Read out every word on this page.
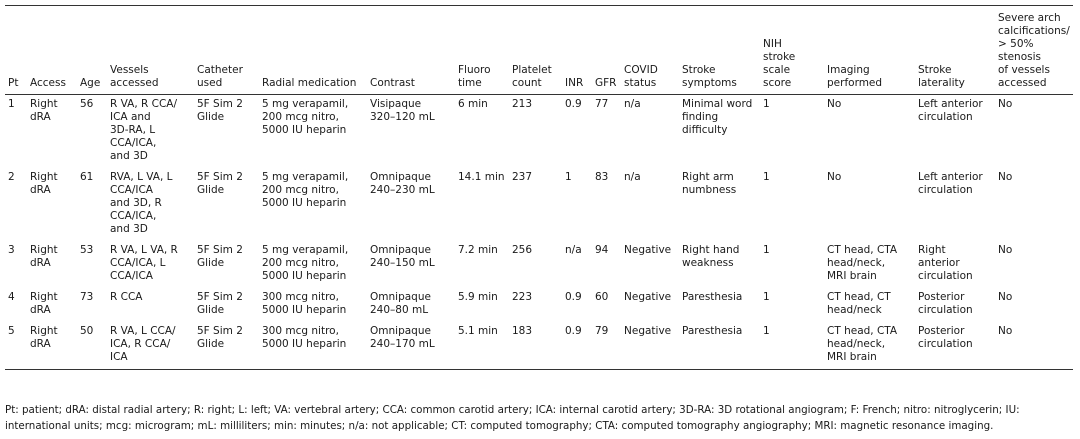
Pt	Access	Age	Vessels
accessed	Catheter
used	Radial medication	Contrast	Fluoro
time	Platelet
count	INR	GFR	COVID
status	Stroke
symptoms	NIH
stroke
scale
score	Imaging
performed	Stroke
laterality	Severe arch
calcifications/
> 50% stenosis
of vessels
accessed
1	Right
dRA	56	R VA, R CCA/
ICA and
3D-RA, L
CCA/ICA,
and 3D	5F Sim 2
Glide	5 mg verapamil,
200 mcg nitro,
5000 IU heparin	Visipaque
320–120 mL	6 min	213	0.9	77	n/a	Minimal word
finding
difficulty	1	No	Left anterior
circulation	No
2	Right
dRA	61	RVA, L VA, L
CCA/ICA
and 3D, R
CCA/ICA,
and 3D	5F Sim 2
Glide	5 mg verapamil,
200 mcg nitro,
5000 IU heparin	Omnipaque
240–230 mL	14.1 min	237	1	83	n/a	Right arm
numbness	1	No	Left anterior
circulation	No
3	Right
dRA	53	R VA, L VA, R
CCA/ICA, L
CCA/ICA	5F Sim 2
Glide	5 mg verapamil,
200 mcg nitro,
5000 IU heparin	Omnipaque
240–150 mL	7.2 min	256	n/a	94	Negative	Right hand
weakness	1	CT head, CTA
head/neck,
MRI brain	Right
anterior
circulation	No
4	Right
dRA	73	R CCA	5F Sim 2
Glide	300 mcg nitro,
5000 IU heparin	Omnipaque
240–80 mL	5.9 min	223	0.9	60	Negative	Paresthesia	1	CT head, CT
head/neck	Posterior
circulation	No
5	Right
dRA	50	R VA, L CCA/
ICA, R CCA/
ICA	5F Sim 2
Glide	300 mcg nitro,
5000 IU heparin	Omnipaque
240–170 mL	5.1 min	183	0.9	79	Negative	Paresthesia	1	CT head, CTA
head/neck,
MRI brain	Posterior
circulation	No
Pt: patient; dRA: distal radial artery; R: right; L: left; VA: vertebral artery; CCA: common carotid artery; ICA: internal carotid artery; 3D-RA: 3D rotational angiogram; F: French; nitro: nitroglycerin; IU: international units; mcg: microgram; mL: milliliters; min: minutes; n/a: not applicable; CT: computed tomography; CTA: computed tomography angiography; MRI: magnetic resonance imaging.
